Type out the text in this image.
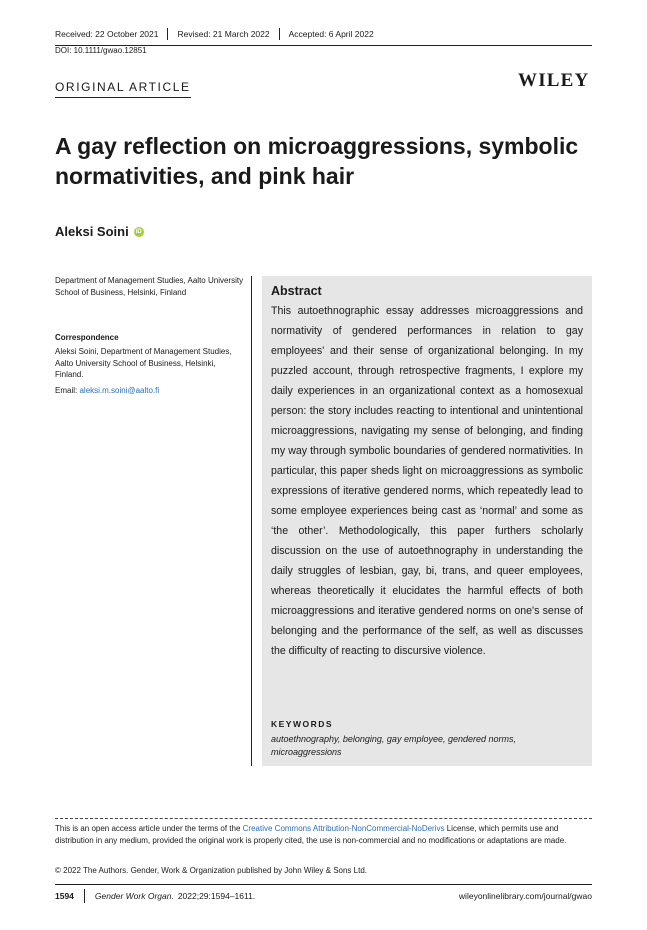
Received: 22 October 2021	Revised: 21 March 2022	Accepted: 6 April 2022
DOI: 10.1111/gwao.12851
ORIGINAL ARTICLE	WILEY
A gay reflection on microaggressions, symbolic normativities, and pink hair
Aleksi Soini	iD
Department of Management Studies, Aalto University School of Business, Helsinki, Finland
Correspondence
Aleksi Soini, Department of Management Studies, Aalto University School of Business, Helsinki, Finland.
Email: aleksi.m.soini@aalto.fi
Abstract
This autoethnographic essay addresses microaggressions and normativity of gendered performances in relation to gay employees' and their sense of organizational belonging. In my puzzled account, through retrospective fragments, I explore my daily experiences in an organizational context as a homosexual person: the story includes reacting to intentional and unintentional microaggressions, navigating my sense of belonging, and finding my way through symbolic boundaries of gendered normativities. In particular, this paper sheds light on microaggressions as symbolic expressions of iterative gendered norms, which repeatedly lead to some employee experiences being cast as ‘normal’ and some as ‘the other’. Methodologically, this paper furthers scholarly discussion on the use of autoethnography in understanding the daily struggles of lesbian, gay, bi, trans, and queer employees, whereas theoretically it elucidates the harmful effects of both microaggressions and iterative gendered norms on one's sense of belonging and the performance of the self, as well as discusses the difficulty of reacting to discursive violence.
KEYWORDS
autoethnography, belonging, gay employee, gendered norms, microaggressions
This is an open access article under the terms of the Creative Commons Attribution-NonCommercial-NoDerivs License, which permits use and distribution in any medium, provided the original work is properly cited, the use is non-commercial and no modifications or adaptations are made.
© 2022 The Authors. Gender, Work & Organization published by John Wiley & Sons Ltd.
1594	Gender Work Organ. 2022;29:1594–1611.	wileyonlinelibrary.com/journal/gwao
